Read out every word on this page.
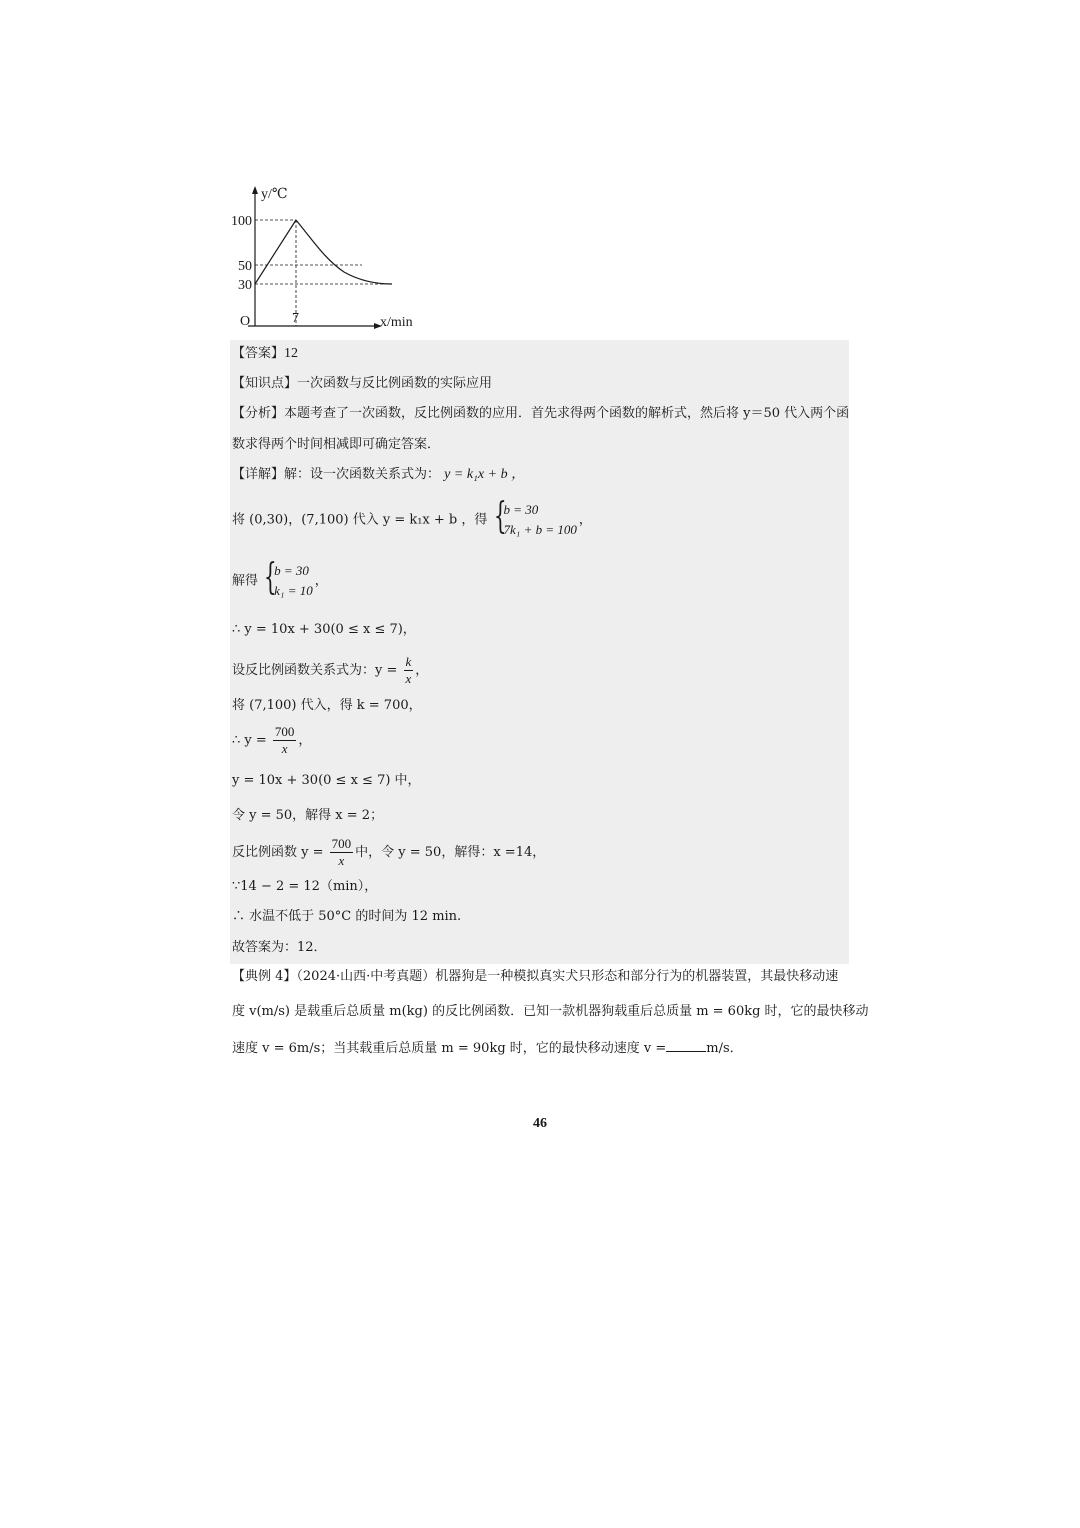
y/℃
x/min
O
100
50
30
7
【答案】12
【知识点】一次函数与反比例函数的实际应用
【分析】本题考查了一次函数，反比例函数的应用．首先求得两个函数的解析式，然后将 y＝50 代入两个函
数求得两个时间相减即可确定答案．
【详解】解：设一次函数关系式为： y = k₁x + b ，
将 (0,30)，(7,100) 代入 y = k₁x + b ，得 {
b = 30
7k₁ + b = 100
，
解得 {
b = 30
k₁ = 10
，
∴ y = 10x + 30(0 ≤ x ≤ 7)，
设反比例函数关系式为：$y = \frac{k}{x}$ ，
将 (7,100) 代入，得 k = 700，
∴ $y = \frac{700}{x}$ ，
y = 10x + 30(0 ≤ x ≤ 7) 中，
令 y = 50，解得 x = 2；
反比例函数 $y = \frac{700}{x}$ 中，令 y = 50，解得：x =14，
∵14 − 2 = 12（min），
∴ 水温不低于 50°C 的时间为 12 min.
故答案为：12．
【典例 4】（2024·山西·中考真题）机器狗是一种模拟真实犬只形态和部分行为的机器装置，其最快移动速
度 v(m/s) 是载重后总质量 m(kg) 的反比例函数．已知一款机器狗载重后总质量 m = 60kg 时，它的最快移动
速度 v = 6m/s；当其载重后总质量 m = 90kg 时，它的最快移动速度 v =	m/s．
46
